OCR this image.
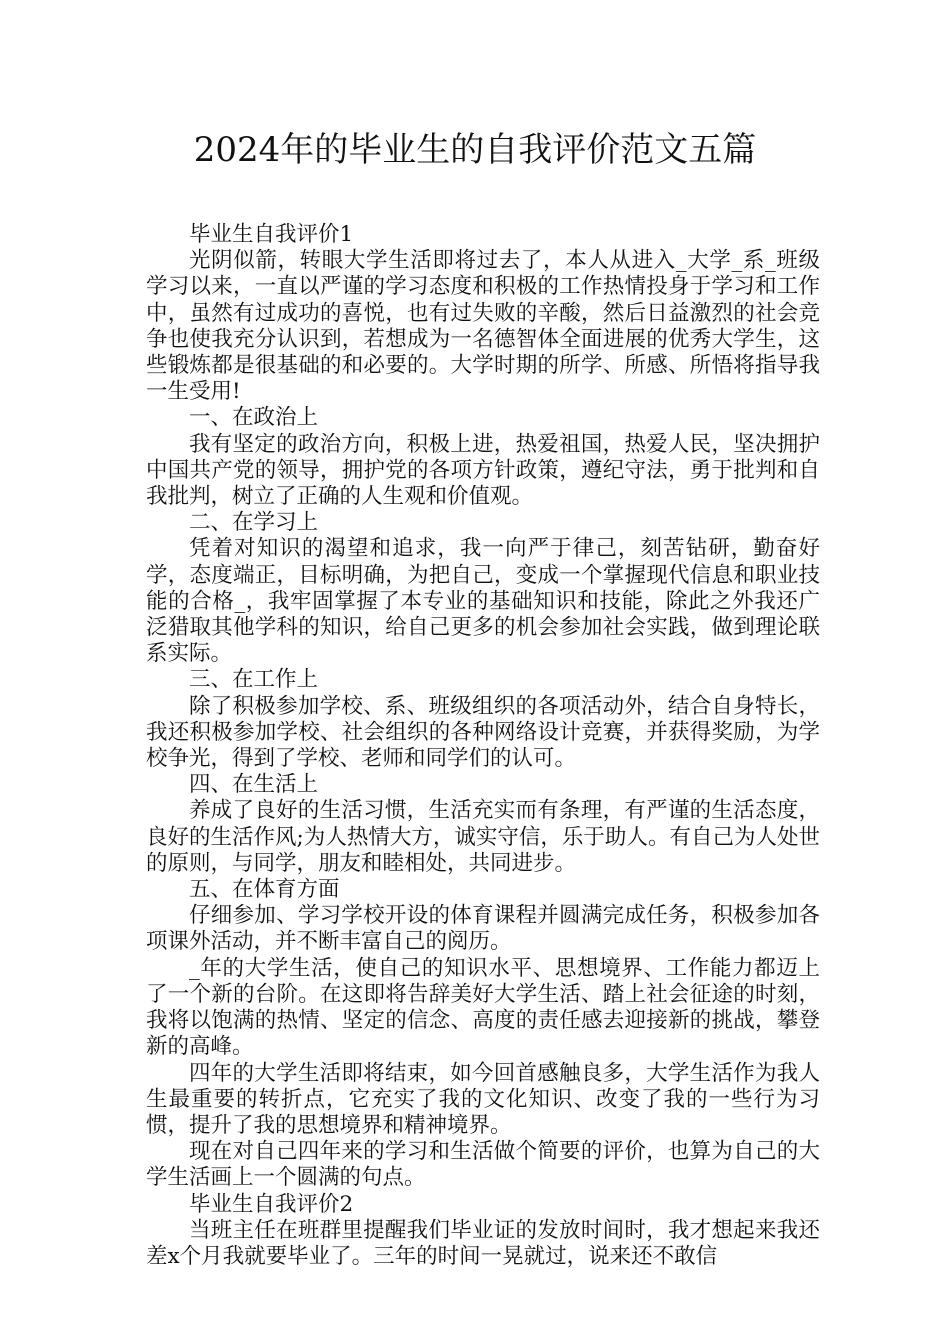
2024年的毕业生的自我评价范文五篇

毕业生自我评价1

光阴似箭，转眼大学生活即将过去了，本人从进入_大学_系_班级学习以来，一直以严谨的学习态度和积极的工作热情投身于学习和工作中，虽然有过成功的喜悦，也有过失败的辛酸，然后日益激烈的社会竞争也使我充分认识到，若想成为一名德智体全面进展的优秀大学生，这些锻炼都是很基础的和必要的。大学时期的所学、所感、所悟将指导我一生受用!

一、在政治上

我有坚定的政治方向，积极上进，热爱祖国，热爱人民，坚决拥护中国共产党的领导，拥护党的各项方针政策，遵纪守法，勇于批判和自我批判，树立了正确的人生观和价值观。

二、在学习上

凭着对知识的渴望和追求，我一向严于律己，刻苦钻研，勤奋好学，态度端正，目标明确，为把自己，变成一个掌握现代信息和职业技能的合格_，我牢固掌握了本专业的基础知识和技能，除此之外我还广泛猎取其他学科的知识，给自己更多的机会参加社会实践，做到理论联系实际。

三、在工作上

除了积极参加学校、系、班级组织的各项活动外，结合自身特长，我还积极参加学校、社会组织的各种网络设计竞赛，并获得奖励，为学校争光，得到了学校、老师和同学们的认可。

四、在生活上

养成了良好的生活习惯，生活充实而有条理，有严谨的生活态度，良好的生活作风;为人热情大方，诚实守信，乐于助人。有自己为人处世的原则，与同学，朋友和睦相处，共同进步。

五、在体育方面

仔细参加、学习学校开设的体育课程并圆满完成任务，积极参加各项课外活动，并不断丰富自己的阅历。

_年的大学生活，使自己的知识水平、思想境界、工作能力都迈上了一个新的台阶。在这即将告辞美好大学生活、踏上社会征途的时刻，我将以饱满的热情、坚定的信念、高度的责任感去迎接新的挑战，攀登新的高峰。

四年的大学生活即将结束，如今回首感触良多，大学生活作为我人生最重要的转折点，它充实了我的文化知识、改变了我的一些行为习惯，提升了我的思想境界和精神境界。

现在对自己四年来的学习和生活做个简要的评价，也算为自己的大学生活画上一个圆满的句点。

毕业生自我评价2

当班主任在班群里提醒我们毕业证的发放时间时，我才想起来我还差x个月我就要毕业了。三年的时间一晃就过，说来还不敢信
